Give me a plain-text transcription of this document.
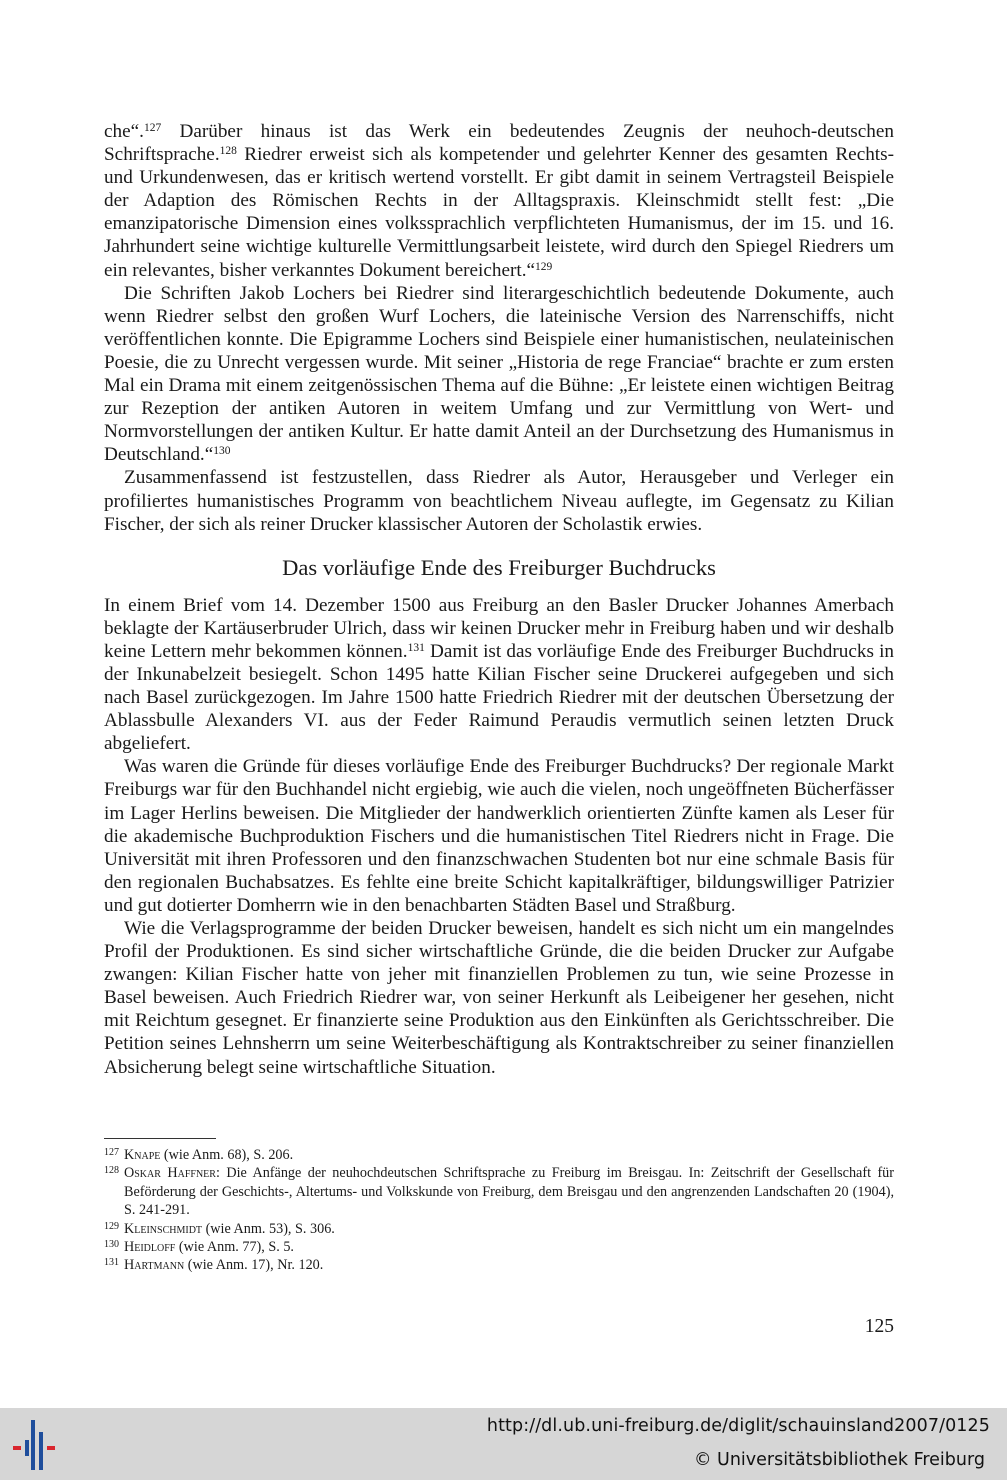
che“.$^{127}$ Darüber hinaus ist das Werk ein bedeutendes Zeugnis der neuhoch-deutschen Schriftsprache.$^{128}$ Riedrer erweist sich als kompetender und gelehrter Kenner des gesamten Rechts- und Urkundenwesen, das er kritisch wertend vorstellt. Er gibt damit in seinem Vertragsteil Beispiele der Adaption des Römischen Rechts in der Alltagspraxis. Kleinschmidt stellt fest: „Die emanzipatorische Dimension eines volkssprachlich verpflichteten Humanismus, der im 15. und 16. Jahrhundert seine wichtige kulturelle Vermittlungsarbeit leistete, wird durch den Spiegel Riedrers um ein relevantes, bisher verkanntes Dokument bereichert.“$^{129}$

Die Schriften Jakob Lochers bei Riedrer sind literargeschichtlich bedeutende Dokumente, auch wenn Riedrer selbst den großen Wurf Lochers, die lateinische Version des Narrenschiffs, nicht veröffentlichen konnte. Die Epigramme Lochers sind Beispiele einer humanistischen, neulateinischen Poesie, die zu Unrecht vergessen wurde. Mit seiner „Historia de rege Franciae“ brachte er zum ersten Mal ein Drama mit einem zeitgenössischen Thema auf die Bühne: „Er leistete einen wichtigen Beitrag zur Rezeption der antiken Autoren in weitem Umfang und zur Vermittlung von Wert- und Normvorstellungen der antiken Kultur. Er hatte damit Anteil an der Durchsetzung des Humanismus in Deutschland.“$^{130}$

Zusammenfassend ist festzustellen, dass Riedrer als Autor, Herausgeber und Verleger ein profiliertes humanistisches Programm von beachtlichem Niveau auflegte, im Gegensatz zu Kilian Fischer, der sich als reiner Drucker klassischer Autoren der Scholastik erwies.

Das vorläufige Ende des Freiburger Buchdrucks

In einem Brief vom 14. Dezember 1500 aus Freiburg an den Basler Drucker Johannes Amerbach beklagte der Kartäuserbruder Ulrich, dass wir keinen Drucker mehr in Freiburg haben und wir deshalb keine Lettern mehr bekommen können.$^{131}$ Damit ist das vorläufige Ende des Freiburger Buchdrucks in der Inkunabelzeit besiegelt. Schon 1495 hatte Kilian Fischer seine Druckerei aufgegeben und sich nach Basel zurückgezogen. Im Jahre 1500 hatte Friedrich Riedrer mit der deutschen Übersetzung der Ablassbulle Alexanders VI. aus der Feder Raimund Peraudis vermutlich seinen letzten Druck abgeliefert.

Was waren die Gründe für dieses vorläufige Ende des Freiburger Buchdrucks? Der regionale Markt Freiburgs war für den Buchhandel nicht ergiebig, wie auch die vielen, noch ungeöffneten Bücherfässer im Lager Herlins beweisen. Die Mitglieder der handwerklich orientierten Zünfte kamen als Leser für die akademische Buchproduktion Fischers und die humanistischen Titel Riedrers nicht in Frage. Die Universität mit ihren Professoren und den finanzschwachen Studenten bot nur eine schmale Basis für den regionalen Buchabsatzes. Es fehlte eine breite Schicht kapitalkräftiger, bildungswilliger Patrizier und gut dotierter Domherrn wie in den benachbarten Städten Basel und Straßburg.

Wie die Verlagsprogramme der beiden Drucker beweisen, handelt es sich nicht um ein mangelndes Profil der Produktionen. Es sind sicher wirtschaftliche Gründe, die die beiden Drucker zur Aufgabe zwangen: Kilian Fischer hatte von jeher mit finanziellen Problemen zu tun, wie seine Prozesse in Basel beweisen. Auch Friedrich Riedrer war, von seiner Herkunft als Leibeigener her gesehen, nicht mit Reichtum gesegnet. Er finanzierte seine Produktion aus den Einkünften als Gerichtsschreiber. Die Petition seines Lehnsherrn um seine Weiterbeschäftigung als Kontraktschreiber zu seiner finanziellen Absicherung belegt seine wirtschaftliche Situation.

127 Knape (wie Anm. 68), S. 206.

128 Oskar Haffner: Die Anfänge der neuhochdeutschen Schriftsprache zu Freiburg im Breisgau. In: Zeitschrift der Gesellschaft für Beförderung der Geschichts-, Altertums- und Volkskunde von Freiburg, dem Breisgau und den angrenzenden Landschaften 20 (1904), S. 241-291.

129 Kleinschmidt (wie Anm. 53), S. 306.

130 Heidloff (wie Anm. 77), S. 5.

131 Hartmann (wie Anm. 17), Nr. 120.

125
http://dl.ub.uni-freiburg.de/diglit/schauinsland2007/0125
© Universitätsbibliothek Freiburg
